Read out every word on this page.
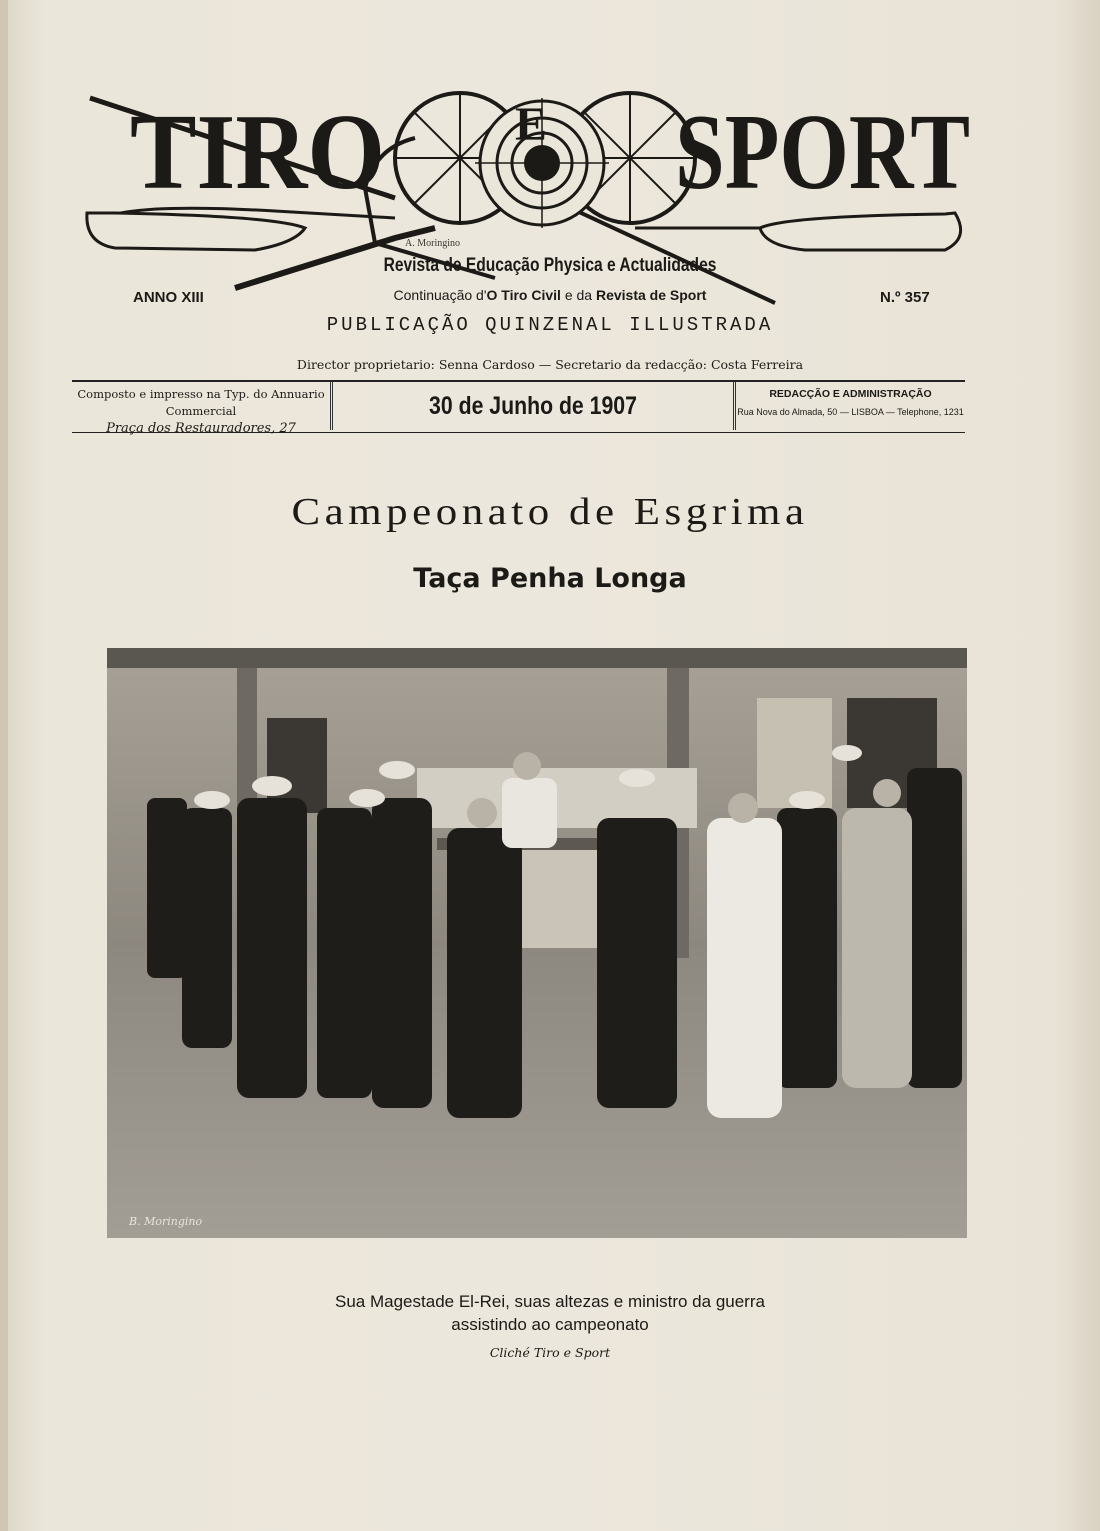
TIRO	E SPORT
A. Moringino
Revista de Educação Physica e Actualidades
Continuação d'O Tiro Civil e da Revista de Sport
ANNO XIII	N.º 357
PUBLICAÇÃO QUINZENAL ILLUSTRADA
Director proprietario: Senna Cardoso — Secretario da redacção: Costa Ferreira
Composto e impresso na Typ. do Annuario Commercial
Praça dos Restauradores, 27
30 de Junho de 1907	REDACÇÃO E ADMINISTRAÇÃO
Rua Nova do Almada, 50 — LISBOA — Telephone, 1231
Campeonato de Esgrima
Taça Penha Longa
B. Moringino
Sua Magestade El-Rei, suas altezas e ministro da guerra
assistindo ao campeonato
Cliché Tiro e Sport
